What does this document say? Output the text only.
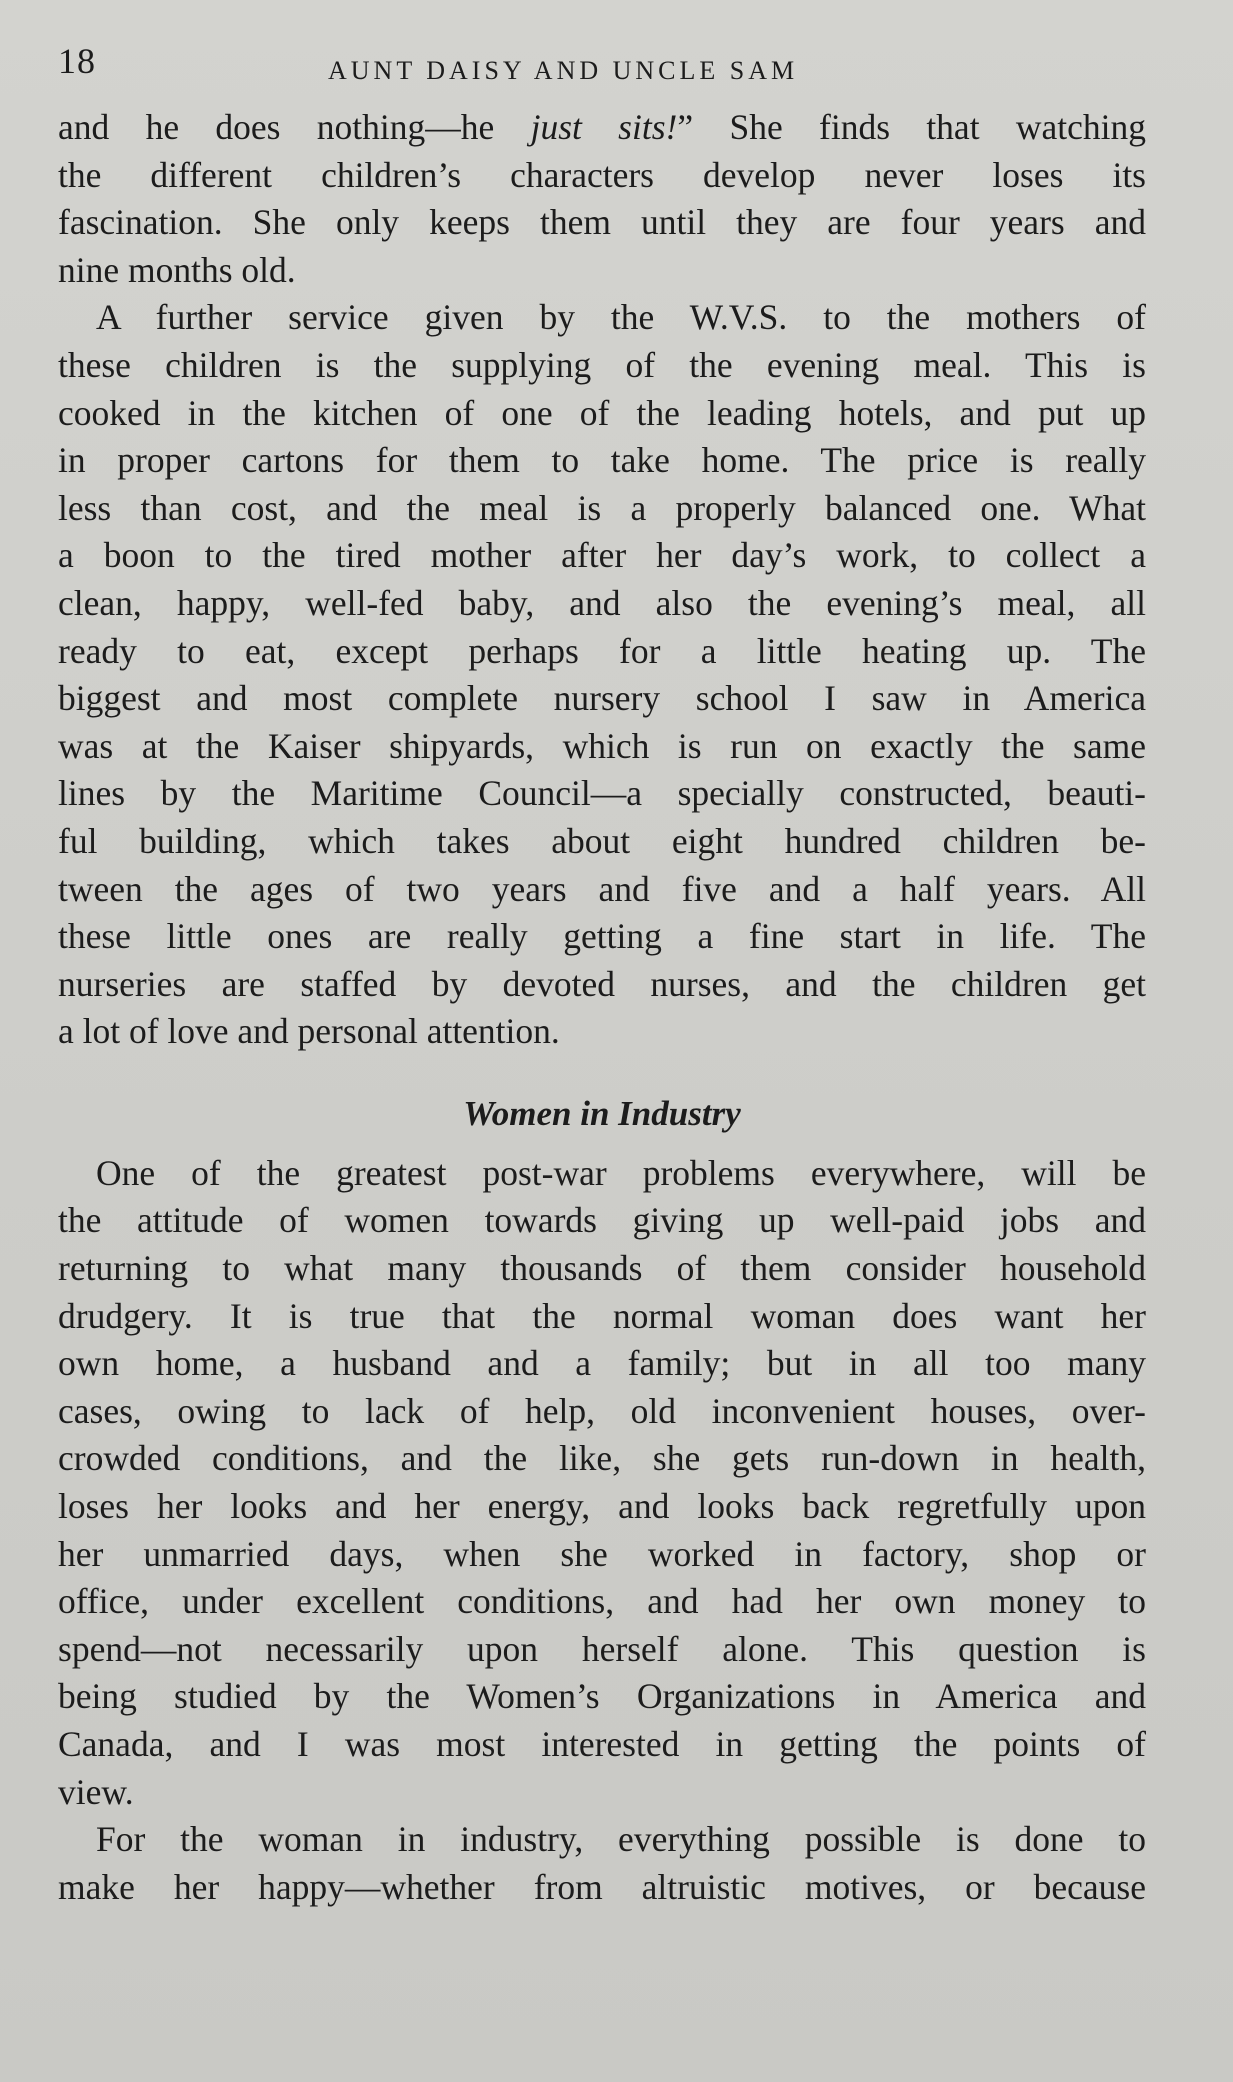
18	AUNT DAISY AND UNCLE SAM
and he does nothing—he just sits!” She finds that watching
the different children’s characters develop never loses its
fascination. She only keeps them until they are four years and
nine months old.
A further service given by the W.V.S. to the mothers of
these children is the supplying of the evening meal. This is
cooked in the kitchen of one of the leading hotels, and put up
in proper cartons for them to take home. The price is really
less than cost, and the meal is a properly balanced one. What
a boon to the tired mother after her day’s work, to collect a
clean, happy, well-fed baby, and also the evening’s meal, all
ready to eat, except perhaps for a little heating up. The
biggest and most complete nursery school I saw in America
was at the Kaiser shipyards, which is run on exactly the same
lines by the Maritime Council—a specially constructed, beauti-
ful building, which takes about eight hundred children be-
tween the ages of two years and five and a half years. All
these little ones are really getting a fine start in life. The
nurseries are staffed by devoted nurses, and the children get
a lot of love and personal attention.
Women in Industry
One of the greatest post-war problems everywhere, will be
the attitude of women towards giving up well-paid jobs and
returning to what many thousands of them consider household
drudgery. It is true that the normal woman does want her
own home, a husband and a family; but in all too many
cases, owing to lack of help, old inconvenient houses, over-
crowded conditions, and the like, she gets run-down in health,
loses her looks and her energy, and looks back regretfully upon
her unmarried days, when she worked in factory, shop or
office, under excellent conditions, and had her own money to
spend—not necessarily upon herself alone. This question is
being studied by the Women’s Organizations in America and
Canada, and I was most interested in getting the points of
view.
For the woman in industry, everything possible is done to
make her happy—whether from altruistic motives, or because
